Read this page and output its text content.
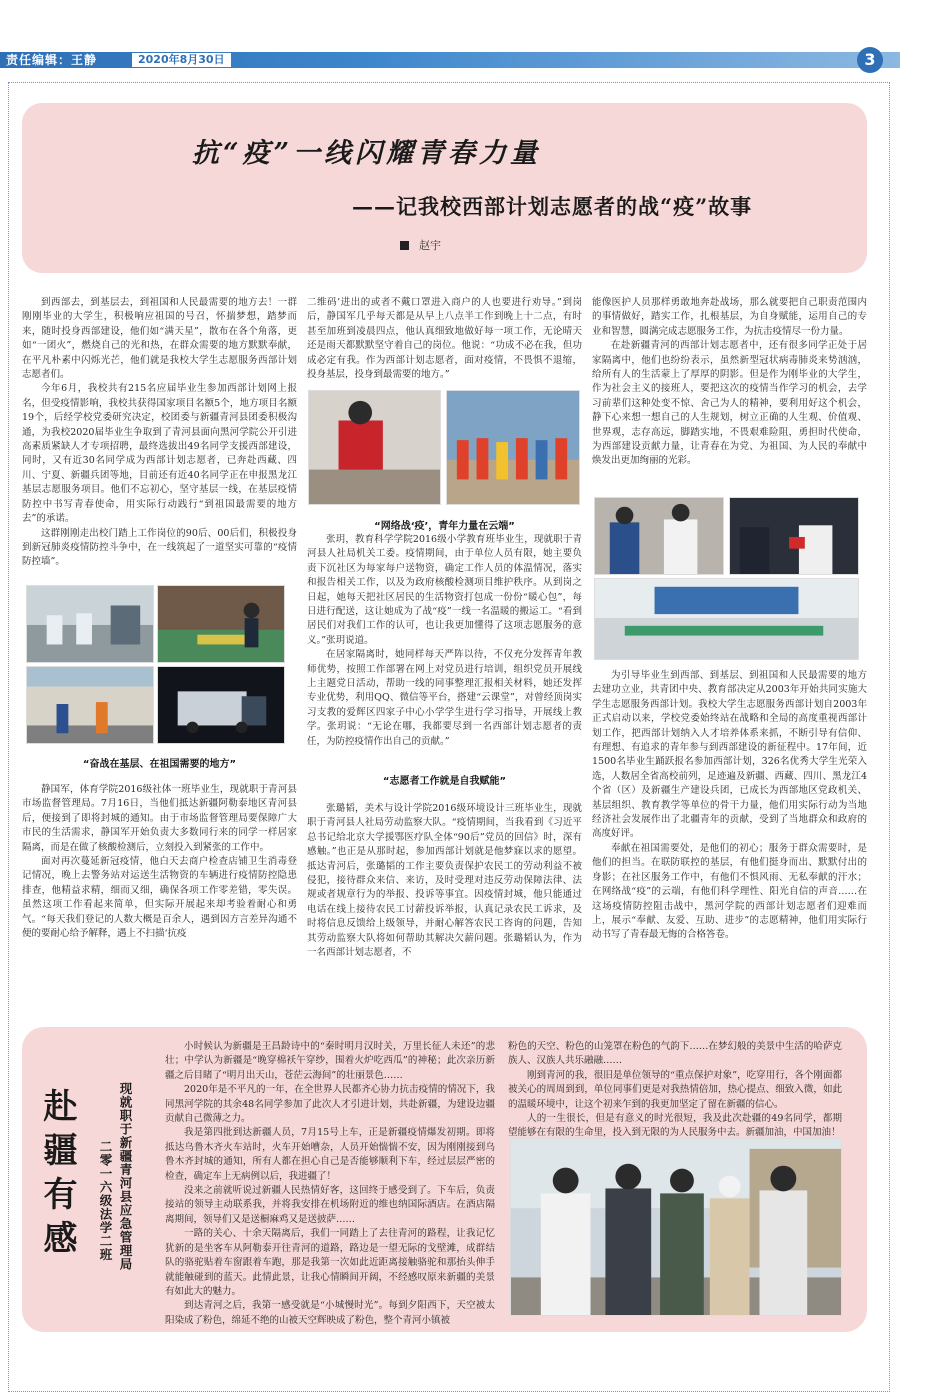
责任编辑：王静	2020年8月30日	3
抗“疫”一线闪耀青春力量
——记我校西部计划志愿者的战“疫”故事
赵宇

到西部去，到基层去，到祖国和人民最需要的地方去！一群刚刚毕业的大学生，积极响应祖国的号召，怀揣梦想，踏梦而来，随时投身西部建设，他们如“满天星”，散布在各个角落，更如“一团火”，燃烧自己的光和热，在群众需要的地方默默奉献，在平凡朴素中闪烁光芒，他们就是我校大学生志愿服务西部计划志愿者们。

今年6月，我校共有215名应届毕业生参加西部计划网上报名，但受疫情影响，我校共获得国家项目名额5个，地方项目名额19个，后经学校党委研究决定，校团委与新疆青河县团委积极沟通，为我校2020届毕业生争取到了青河县面向黑河学院公开引进高素质紧缺人才专项招聘，最终选拔出49名同学支援西部建设，同时，又有近30名同学成为西部计划志愿者，已奔赴西藏、四川、宁夏、新疆兵团等地，目前还有近40名同学正在申报黑龙江基层志愿服务项目。他们不忘初心，坚守基层一线，在基层疫情防控中书写青春使命，用实际行动践行“到祖国最需要的地方去”的承诺。

这群刚刚走出校门踏上工作岗位的90后、00后们，积极投身到新冠肺炎疫情防控斗争中，在一线筑起了一道坚实可靠的“疫情防控墙”。

“奋战在基层、在祖国需要的地方”

静国军，体育学院2016级社体一班毕业生，现就职于青河县市场监督管理局。7月16日，当他们抵达新疆阿勒泰地区青河县后，便接到了即将封城的通知。由于市场监督管理局要保障广大市民的生活需求，静国军开始负责大多数同行来的同学一样居家隔离，而是在做了核酸检测后，立刻投入到紧张的工作中。

面对再次蔓延新冠疫情，他白天去商户检查店铺卫生消毒登记情况，晚上去警务站对运送生活物资的车辆进行疫情防控隐患排查，他精益求精，细而又细，确保各项工作零差错，零失误。虽然这项工作看起来简单，但实际开展起来却考验着耐心和勇气。“每天我们登记的人数大概是百余人，遇到因方言差异沟通不便的要耐心给予解释，遇上不扫描‘抗疫

二维码’进出的或者不戴口罩进入商户的人也要进行劝导。”到岗后，静国军几乎每天都是从早上八点半工作到晚上十二点，有时甚至加班到凌晨四点，他认真细致地做好每一项工作，无论晴天还是雨天都默默坚守着自己的岗位。他说：“功成不必在我，但功成必定有我。作为西部计划志愿者，面对疫情，不畏惧不退缩，投身基层，投身到最需要的地方。”

“网络战‘疫’，青年力量在云端”

张玥，教育科学学院2016级小学教育班毕业生，现就职于青河县人社局机关工委。疫情期间，由于单位人员有限，她主要负责下沉社区为每家每户送物资，确定工作人员的体温情况，落实和报告相关工作，以及为政府核酸检测项目维护秩序。从到岗之日起，她每天把社区居民的生活物资打包成一份份“暖心包”，每日进行配送，这让她成为了战“疫”一线一名温暖的搬运工。“看到居民们对我们工作的认可，也让我更加懂得了这项志愿服务的意义。”张玥说道。

在居家隔离时，她同样每天严阵以待，不仅充分发挥青年教师优势，按照工作部署在网上对党员进行培训，组织党员开展线上主题党日活动，帮助一线的同事整理汇报相关材料，她还发挥专业优势，利用QQ、微信等平台，搭建“云课堂”，对曾经顶岗实习支教的爱辉区四家子中心小学学生进行学习指导，开展线上教学。张玥说：“无论在哪，我都要尽到一名西部计划志愿者的责任，为防控疫情作出自己的贡献。”

“志愿者工作就是自我赋能”

张璐韬，美术与设计学院2016级环境设计三班毕业生，现就职于青河县人社局劳动监察大队。“疫情期间，当我看到《习近平总书记给北京大学援鄂医疗队全体“90后”党员的回信》时，深有感触。”也正是从那时起，参加西部计划就是他梦寐以求的愿望。抵达青河后，张璐韬的工作主要负责保护农民工的劳动利益不被侵犯，接待群众来信、来访，及时受理对违反劳动保障法律、法规或者规章行为的举报、投诉等事宜。因疫情封城，他只能通过电话在线上接待农民工讨薪投诉举报，认真记录农民工诉求，及时将信息反馈给上级领导，并耐心解答农民工咨询的问题，告知其劳动监察大队将如何帮助其解决欠薪问题。张璐韬认为，作为一名西部计划志愿者，不

能像医护人员那样勇敢地奔赴战场，那么就要把自己职责范围内的事情做好，踏实工作，扎根基层，为自身赋能，运用自己的专业和智慧，圆满完成志愿服务工作，为抗击疫情尽一份力量。

在赴新疆青河的西部计划志愿者中，还有很多同学正处于居家隔离中，他们也纷纷表示，虽然新型冠状病毒肺炎来势汹汹，给所有人的生活蒙上了厚厚的阴影。但是作为刚毕业的大学生，作为社会主义的接班人，要把这次的疫情当作学习的机会，去学习前辈们这种处变不惊、舍己为人的精神，要利用好这个机会，静下心来想一想自己的人生规划，树立正确的人生观、价值观、世界观，志存高远，脚踏实地，不畏艰难险阻，勇担时代使命，为西部建设贡献力量，让青春在为党、为祖国、为人民的奉献中焕发出更加绚丽的光彩。

为引导毕业生到西部、到基层、到祖国和人民最需要的地方去建功立业，共青团中央、教育部决定从2003年开始共同实施大学生志愿服务西部计划。我校大学生志愿服务西部计划自2003年正式启动以来，学校党委始终站在战略和全局的高度重视西部计划工作，把西部计划纳入人才培养体系来抓，不断引导有信仰、有理想、有追求的青年参与到西部建设的新征程中。17年间，近1500名毕业生踊跃报名参加西部计划，326名优秀大学生光荣入选，人数居全省高校前列，足迹遍及新疆、西藏、四川、黑龙江4个省（区）及新疆生产建设兵团，已成长为西部地区党政机关、基层组织、教育教学等单位的骨干力量，他们用实际行动为当地经济社会发展作出了北疆青年的贡献，受到了当地群众和政府的高度好评。

奉献在祖国需要处，是他们的初心；服务于群众需要时，是他们的担当。在联防联控的基层，有他们挺身而出、默默付出的身影；在社区服务工作中，有他们不惧风雨、无私奉献的汗水；在网络战“疫”的云端，有他们科学理性、阳光自信的声音……在这场疫情防控阻击战中，黑河学院的西部计划志愿者们迎难而上，展示“奉献、友爱、互助、进步”的志愿精神，他们用实际行动书写了青春最无悔的合格答卷。

赴疆有感	现就职于新疆青河县应急管理局
二零一六级法学二班

小时候认为新疆是王昌龄诗中的“秦时明月汉时关，万里长征人未还”的悲壮；中学认为新疆是“晚穿棉袄午穿纱，围着火炉吃西瓜”的神秘；此次亲历新疆之后目睹了“明月出天山，苍茫云海间”的壮丽景色……

2020年是不平凡的一年，在全世界人民都齐心协力抗击疫情的情况下，我同黑河学院的其余48名同学参加了此次人才引进计划，共赴新疆，为建设边疆贡献自己微薄之力。

我是第四批到达新疆人员，7月15号上车，正是新疆疫情爆发初期。即将抵达乌鲁木齐火车站时，火车开始嘈杂，人员开始惴惴不安，因为刚刚接到乌鲁木齐封城的通知，所有人都在担心自己是否能够顺利下车，经过层层严密的检查，确定车上无病例以后，我进疆了！

没来之前就听说过新疆人民热情好客，这回终于感受到了。下车后，负责接站的领导主动联系我，并将我安排在机场附近的维也纳国际酒店。在酒店隔离期间，领导们又是送橱麻鸡又是送披萨……

一路的关心、十余天隔离后，我们一同踏上了去往青河的路程，让我记忆犹新的是坐客车从阿勒泰开往青河的道路，路边是一望无际的戈壁滩，成群结队的骆驼贴着车窗跟着车跑，那是我第一次如此近距离接触骆驼和那抬头伸手就能触碰到的蓝天。此情此景，让我心情瞬间开阔，不经感叹原来新疆的美景有如此大的魅力。

到达青河之后，我第一感受就是“小城慢时光”。每到夕阳西下，天空被太阳染成了粉色，绵延不绝的山被天空辉映成了粉色，整个青河小镇被

粉色的天空、粉色的山笼罩在粉色的气韵下……在梦幻般的美景中生活的哈萨克族人、汉族人共乐融融……

刚到青河的我，很旧是单位领导的“重点保护对象”，吃穿用行，各个刚面都被关心的周周到到，单位同事们更是对我热情倍加，热心提点、细致入微，如此的温暖环境中，让这个初来乍到的我更加坚定了留在新疆的信心。

人的一生很长，但是有意义的时光很短，我及此次赴疆的49名同学，都期望能够在有限的生命里，投入到无限的为人民服务中去。新疆加油，中国加油！
